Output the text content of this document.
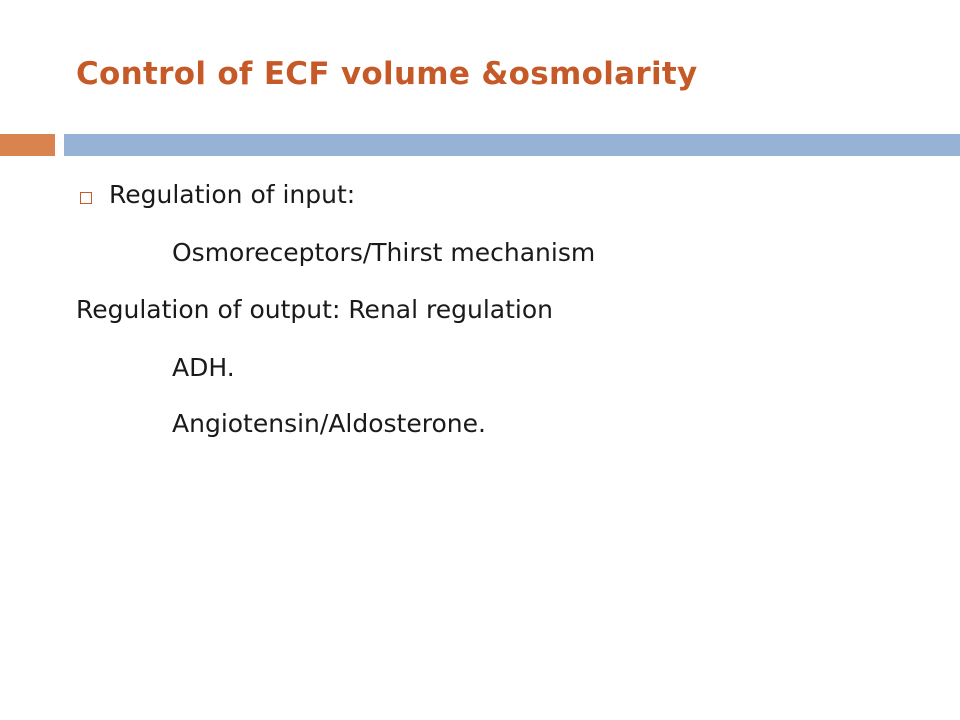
Control of ECF volume &osmolarity

Regulation of input:

Osmoreceptors/Thirst mechanism

Regulation of output: Renal regulation

ADH.

Angiotensin/Aldosterone.
